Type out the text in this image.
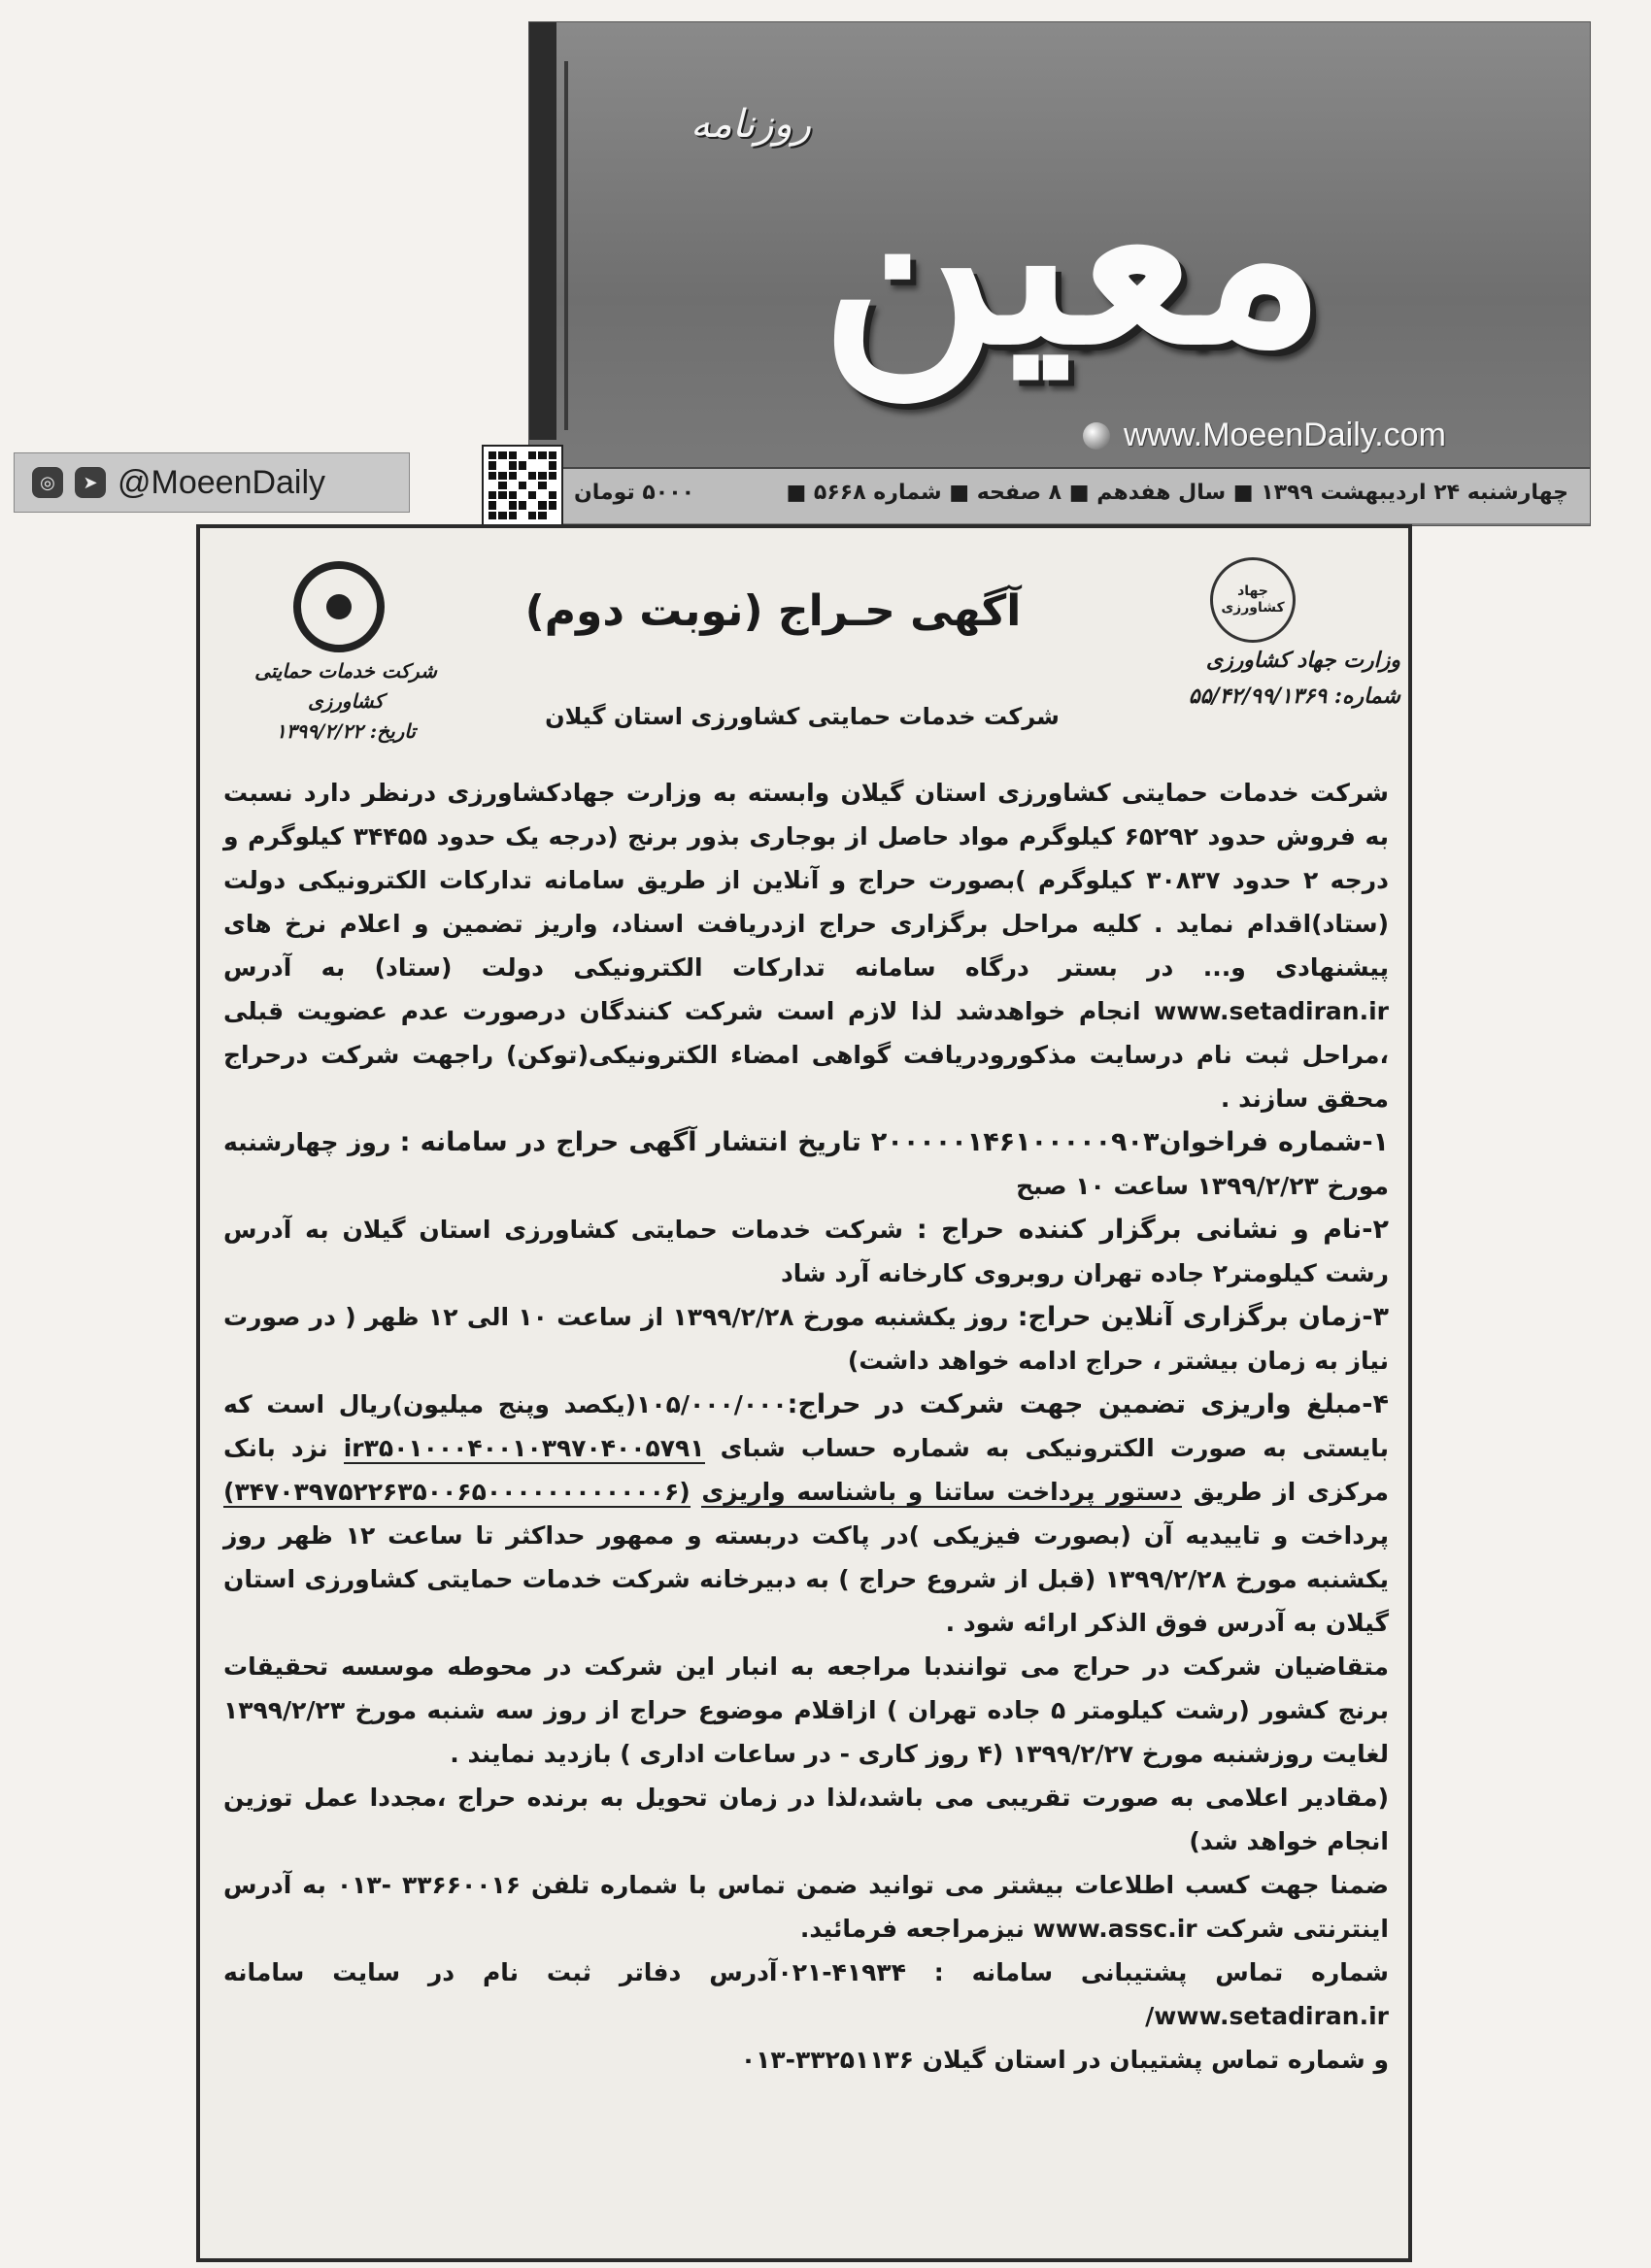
روزنامه معین
www.MoeenDaily.com
۵۰۰۰ تومان	چهارشنبه ۲۴ اردیبهشت ۱۳۹۹ ■ سال هفدهم ■ ۸ صفحه ■ شماره ۵۶۶۸ ■
◎	➤ @MoeenDaily
شرکت خدمات حمایتی کشاورزی
تاریخ: ۱۳۹۹/۲/۲۲
جهاد کشاورزی
وزارت جهاد کشاورزی
شماره: ۵۵/۴۲/۹۹/۱۳۶۹
آگهی حـراج (نوبت دوم)
شرکت خدمات حمایتی کشاورزی استان گیلان

شرکت خدمات حمایتی کشاورزی استان گیلان وابسته به وزارت جهادکشاورزی درنظر دارد نسبت به فروش حدود ۶۵۲۹۲ کیلوگرم مواد حاصل از بوجاری بذور برنج (درجه یک حدود ۳۴۴۵۵ کیلوگرم و درجه ۲ حدود ۳۰۸۳۷ کیلوگرم )بصورت حراج و آنلاین از طریق سامانه تدارکات الکترونیکی دولت (ستاد)اقدام نماید . کلیه مراحل برگزاری حراج ازدریافت اسناد، واریز تضمین و اعلام نرخ های پیشنهادی و... در بستر درگاه سامانه تدارکات الکترونیکی دولت (ستاد) به آدرس www.setadiran.ir انجام خواهدشد لذا لازم است شرکت کنندگان درصورت عدم عضویت قبلی ،مراحل ثبت نام درسایت مذکورودریافت گواهی امضاء الکترونیکی(توکن) راجهت شرکت درحراج محقق سازند .

۱-شماره فراخوان۲۰۰۰۰۰۱۴۶۱۰۰۰۰۰۹۰۳ تاریخ انتشار آگهی حراج در سامانه : روز چهارشنبه مورخ ۱۳۹۹/۲/۲۳ ساعت ۱۰ صبح

۲-نام و نشانی برگزار کننده حراج : شرکت خدمات حمایتی کشاورزی استان گیلان به آدرس رشت کیلومتر۲ جاده تهران روبروی کارخانه آرد شاد

۳-زمان برگزاری آنلاین حراج: روز یکشنبه مورخ ۱۳۹۹/۲/۲۸ از ساعت ۱۰ الی ۱۲ ظهر ( در صورت نیاز به زمان بیشتر ، حراج ادامه خواهد داشت)

۴-مبلغ واریزی تضمین جهت شرکت در حراج:۱۰۵/۰۰۰/۰۰۰(یکصد وپنج میلیون)ریال است که بایستی به صورت الکترونیکی به شماره حساب شبای ir۳۵۰۱۰۰۰۴۰۰۱۰۳۹۷۰۴۰۰۵۷۹۱ نزد بانک مرکزی از طریق دستور پرداخت ساتنا و باشناسه واریزی (۳۴۷۰۳۹۷۵۲۲۶۳۵۰۰۶۵۰۰۰۰۰۰۰۰۰۰۰۰۶) پرداخت و تاییدیه آن (بصورت فیزیکی )در پاکت دربسته و ممهور حداکثر تا ساعت ۱۲ ظهر روز یکشنبه مورخ ۱۳۹۹/۲/۲۸ (قبل از شروع حراج ) به دبیرخانه شرکت خدمات حمایتی کشاورزی استان گیلان به آدرس فوق الذکر ارائه شود .

متقاضیان شرکت در حراج می توانندبا مراجعه به انبار این شرکت در محوطه موسسه تحقیقات برنج کشور (رشت کیلومتر ۵ جاده تهران ) ازاقلام موضوع حراج از روز سه شنبه مورخ ۱۳۹۹/۲/۲۳ لغایت روزشنبه مورخ ۱۳۹۹/۲/۲۷ (۴ روز کاری - در ساعات اداری ) بازدید نمایند .

(مقادیر اعلامی به صورت تقریبی می باشد،لذا در زمان تحویل به برنده حراج ،مجددا عمل توزین انجام خواهد شد)

ضمنا جهت کسب اطلاعات بیشتر می توانید ضمن تماس با شماره تلفن ۳۳۶۶۰۰۱۶ -۰۱۳ به آدرس اینترنتی شرکت www.assc.ir نیزمراجعه فرمائید.

شماره تماس پشتیبانی سامانه : ۴۱۹۳۴-۰۲۱آدرس دفاتر ثبت نام در سایت سامانه www.setadiran.ir/

و شماره تماس پشتیبان در استان گیلان ۳۳۲۵۱۱۳۶-۰۱۳
